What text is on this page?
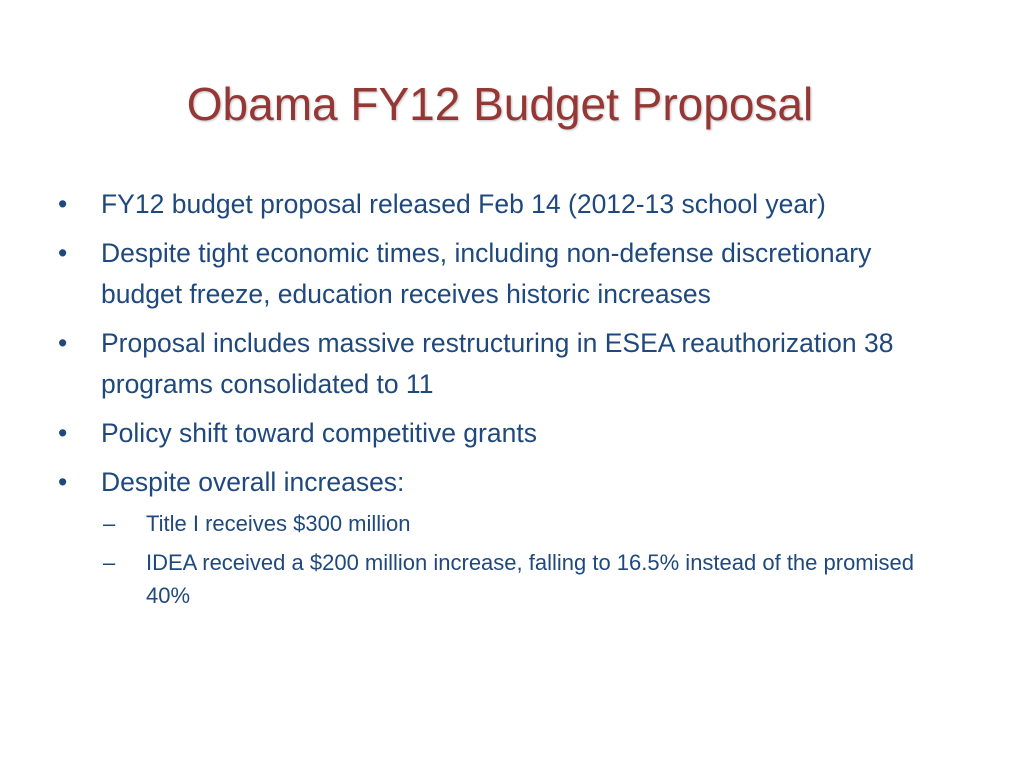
Obama FY12 Budget Proposal
•	FY12 budget proposal released Feb 14 (2012-13 school year)
•	Despite tight economic times, including non-defense discretionary budget freeze, education receives historic increases
•	Proposal includes massive restructuring in ESEA reauthorization 38 programs consolidated to 11
•	Policy shift toward competitive grants
•	Despite overall increases:
–	Title I receives $300 million
–	IDEA received a $200 million increase, falling to 16.5% instead of the promised 40%
